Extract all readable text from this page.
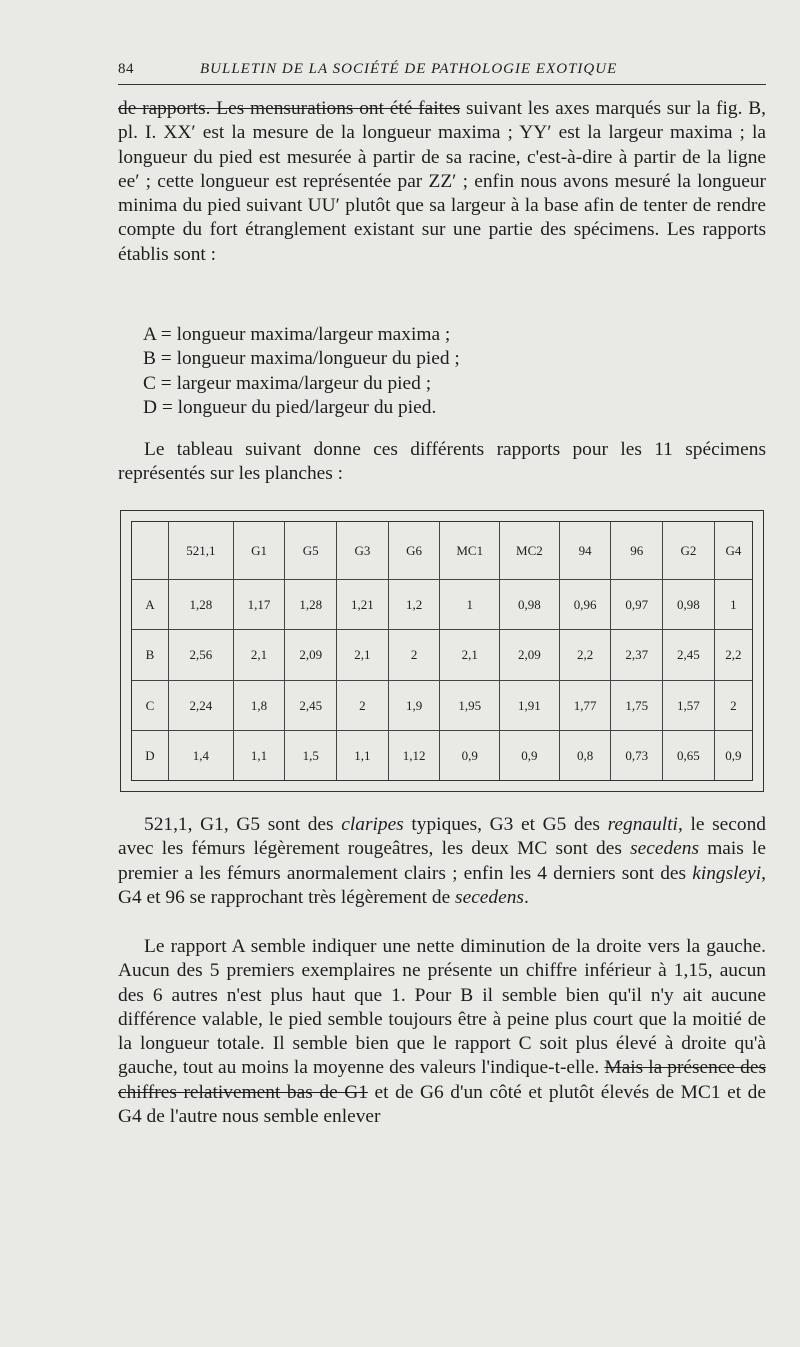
84	BULLETIN DE LA SOCIÉTÉ DE PATHOLOGIE EXOTIQUE

de rapports. Les mensurations ont été faites suivant les axes marqués sur la fig. B, pl. I. XX′ est la mesure de la longueur maxima ; YY′ est la largeur maxima ; la longueur du pied est mesurée à partir de sa racine, c'est-à-dire à partir de la ligne ee′ ; cette longueur est représentée par ZZ′ ; enfin nous avons mesuré la longueur minima du pied suivant UU′ plutôt que sa largeur à la base afin de tenter de rendre compte du fort étranglement existant sur une partie des spécimens. Les rapports établis sont :

A = longueur maxima/largeur maxima ;
B = longueur maxima/longueur du pied ;
C = largeur maxima/largeur du pied ;
D = longueur du pied/largeur du pied.

Le tableau suivant donne ces différents rapports pour les 11 spécimens représentés sur les planches :

	521,1	G1	G5	G3	G6	MC1	MC2	94	96	G2	G4
A	1,28	1,17	1,28	1,21	1,2	1	0,98	0,96	0,97	0,98	1
B	2,56	2,1	2,09	2,1	2	2,1	2,09	2,2	2,37	2,45	2,2
C	2,24	1,8	2,45	2	1,9	1,95	1,91	1,77	1,75	1,57	2
D	1,4	1,1	1,5	1,1	1,12	0,9	0,9	0,8	0,73	0,65	0,9

521,1, G1, G5 sont des claripes typiques, G3 et G5 des regnaulti, le second avec les fémurs légèrement rougeâtres, les deux MC sont des secedens mais le premier a les fémurs anormalement clairs ; enfin les 4 derniers sont des kingsleyi, G4 et 96 se rapprochant très légèrement de secedens.

Le rapport A semble indiquer une nette diminution de la droite vers la gauche. Aucun des 5 premiers exemplaires ne présente un chiffre inférieur à 1,15, aucun des 6 autres n'est plus haut que 1. Pour B il semble bien qu'il n'y ait aucune différence valable, le pied semble toujours être à peine plus court que la moitié de la longueur totale. Il semble bien que le rapport C soit plus élevé à droite qu'à gauche, tout au moins la moyenne des valeurs l'indique-t-elle. Mais la présence des chiffres relativement bas de G1 et de G6 d'un côté et plutôt élevés de MC1 et de G4 de l'autre nous semble enlever
